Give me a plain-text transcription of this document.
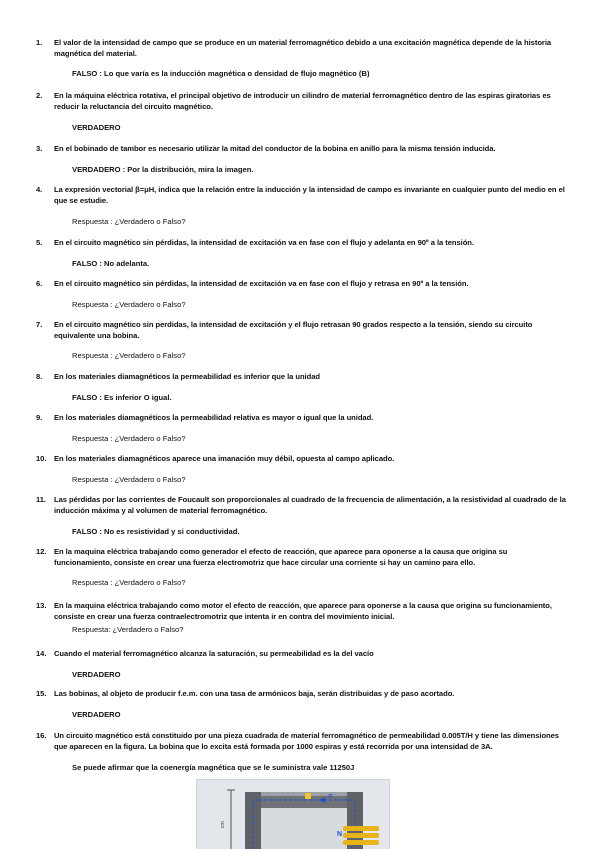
1.	El valor de la intensidad de campo que se produce en un material ferromagnético debido a una excitación magnética depende de la historia magnética del material.
FALSO : Lo que varía es la inducción magnética o densidad de flujo magnético (B)
2.	En la máquina eléctrica rotativa, el principal objetivo de introducir un cilindro de material ferromagnético dentro de las espiras giratorias es reducir la reluctancia del circuito magnético.
VERDADERO
3.	En el bobinado de tambor es necesario utilizar la mitad del conductor de la bobina en anillo para la misma tensión inducida.
VERDADERO : Por la distribución, mira la imagen.
4.	La expresión vectorial β=μH, indica que la relación entre la inducción y la intensidad de campo es invariante en cualquier punto del medio en el que se estudie.
Respuesta : ¿Verdadero o Falso?
5.	En el circuito magnético sin pérdidas, la intensidad de excitación va en fase con el flujo y adelanta en 90º a la tensión.
FALSO : No adelanta.
6.	En el circuito magnético sin pérdidas, la intensidad de excitación va en fase con el flujo y retrasa en 90º a la tensión.
Respuesta : ¿Verdadero o Falso?
7.	En el circuito magnético sin perdidas, la intensidad de excitación y el flujo retrasan 90 grados respecto a la tensión, siendo su circuito equivalente una bobina.
Respuesta : ¿Verdadero o Falso?
8.	En los materiales diamagnéticos la permeabilidad es inferior que la unidad
FALSO : Es inferior O igual.
9.	En los materiales diamagnéticos la permeabilidad relativa es mayor o igual que la unidad.
Respuesta : ¿Verdadero o Falso?
10. En los materiales diamagnéticos aparece una imanación muy débil, opuesta al campo aplicado.
Respuesta : ¿Verdadero o Falso?
11.	Las pérdidas por las corrientes de Foucault son proporcionales al cuadrado de la frecuencia de alimentación, a la resistividad al cuadrado de la inducción máxima y al volumen de material ferromagnético.
FALSO : No es resistividad y si conductividad.
12. En la maquina eléctrica trabajando como generador el efecto de reacción, que aparece para oponerse a la causa que origina su funcionamiento, consiste en crear una fuerza electromotriz que hace circular una corriente si hay un camino para ello.
Respuesta : ¿Verdadero o Falso?
13. En la maquina eléctrica trabajando como motor el efecto de reacción, que aparece para oponerse a la causa que origina su funcionamiento, consiste en crear una fuerza contraelectromotriz que intenta ir en contra del movimiento inicial.
Respuesta: ¿Verdadero o Falso?
14. Cuando el material ferromagnético alcanza la saturación, su permeabilidad es la del vacío
VERDADERO
15. Las bobinas, al objeto de producir f.e.m. con una tasa de armónicos baja, serán distribuidas y de paso acortado.
VERDADERO
16. Un circuito magnético está constituido por una pieza cuadrada de material ferromagnético de permeabilidad 0.005T/H y tiene las dimensiones que aparecen en la figura. La bobina que lo excita está formada por 1000 espiras y está recorrida por una intensidad de 3A.
Se puede afirmar que la coenergía magnética que se le suministra vale 11250J
cm
Φ
N
